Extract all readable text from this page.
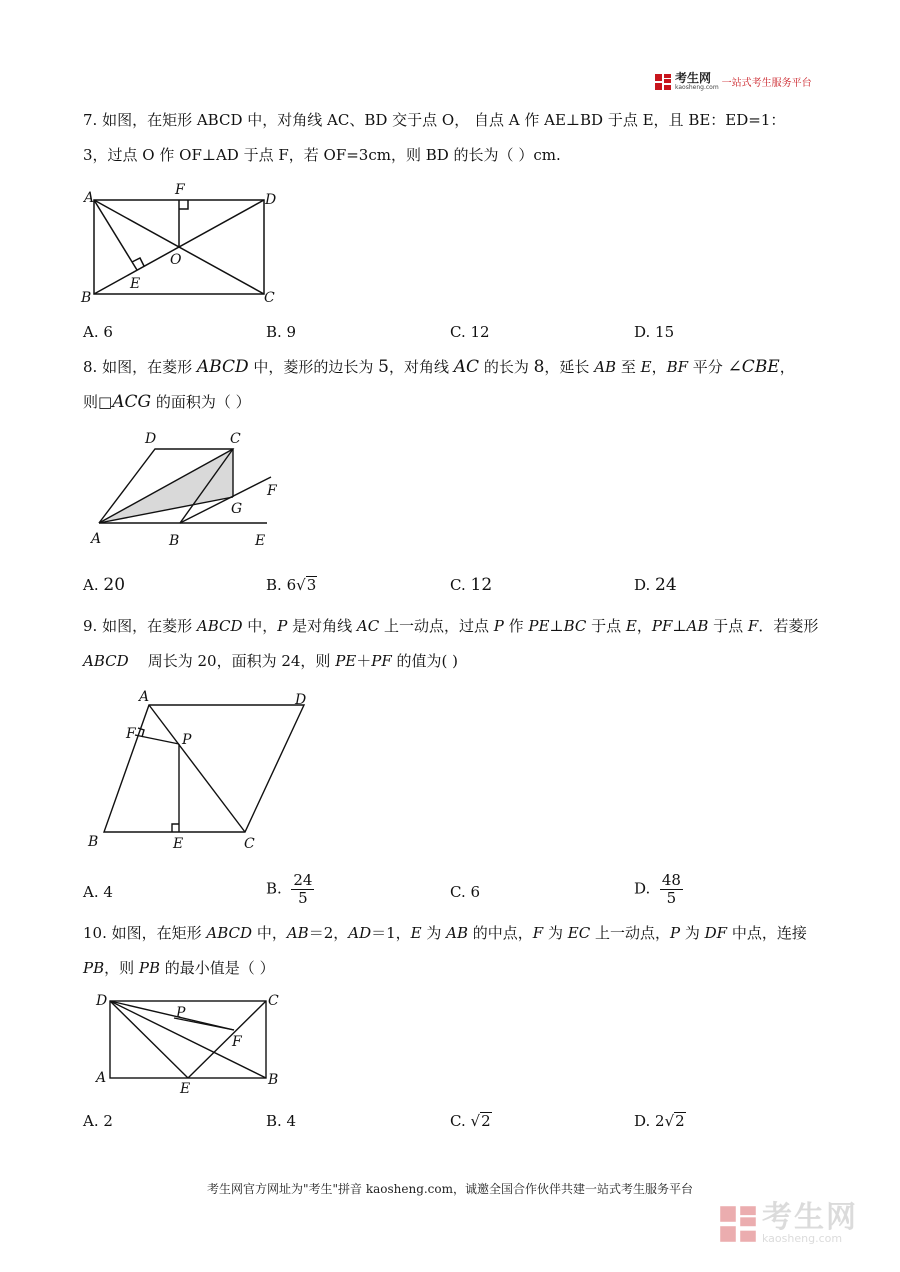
考生网
kaosheng.com 一站式考生服务平台
7. 如图，在矩形 ABCD 中，对角线 AC、BD 交于点 O， 自点 A 作 AE⊥BD 于点 E，且 BE：ED=1：
3，过点 O 作 OF⊥AD 于点 F，若 OF=3cm，则 BD 的长为（ ）cm.
A
B	C
D
E
F
O
A. 6	B. 9	C. 12	D. 15
8. 如图，在菱形 ABCD 中，菱形的边长为 5，对角线 AC 的长为 8，延长 AB 至 E，BF 平分 ∠CBE，
则□ACG 的面积为（ ）
D	C
F
G
A	B	E
A. 20	B. 6√3	C. 12	D. 24
9. 如图，在菱形 ABCD 中，P 是对角线 AC 上一动点，过点 P 作 PE⊥BC 于点 E，PF⊥AB 于点 F．若菱形
ABCD    周长为 20，面积为 24，则 PE＋PF 的值为( )
A	D
F	P
B	E	C
A. 4	B. $\frac{24}{5}$	C. 6	D. $\frac{48}{5}$
10. 如图，在矩形 ABCD 中，AB＝2，AD＝1，E 为 AB 的中点，F 为 EC 上一动点，P 为 DF 中点，连接
PB，则 PB 的最小值是（ ）
D	C
P
F
A
E
B
A. 2	B. 4	C. √2	D. 2√2
考生网官方网址为"考生"拼音 kaosheng.com，诚邀全国合作伙伴共建一站式考生服务平台
考生网
kaosheng.com
